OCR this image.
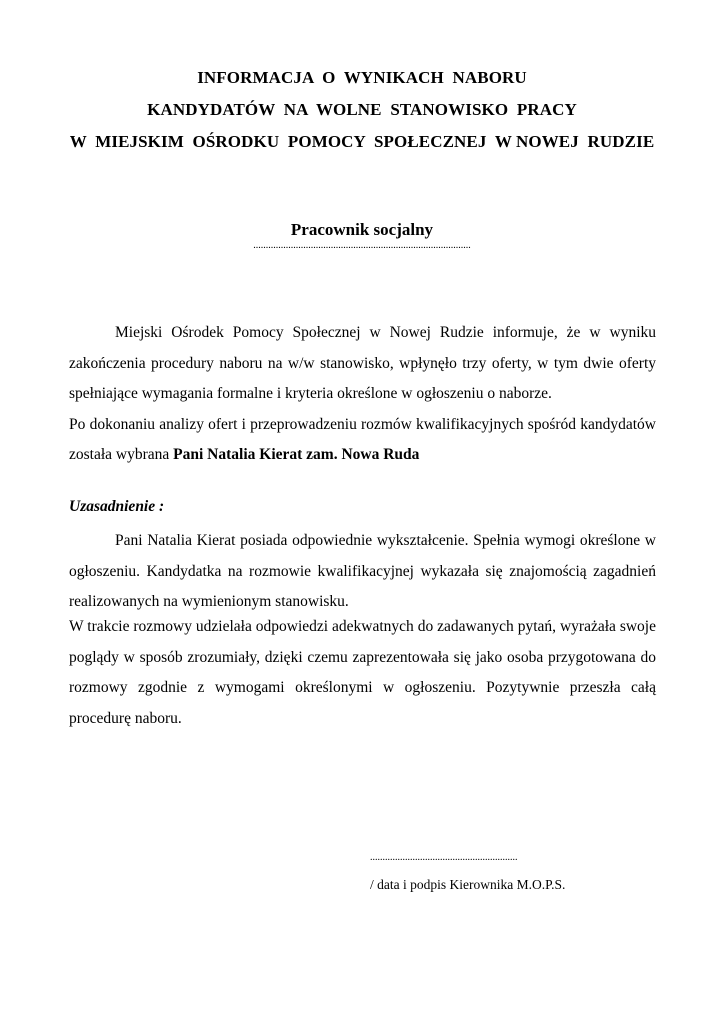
INFORMACJA  O  WYNIKACH  NABORU
KANDYDATÓW  NA  WOLNE  STANOWISKO  PRACY
W  MIEJSKIM  OŚRODKU  POMOCY  SPOŁECZNEJ  W NOWEJ  RUDZIE
Pracownik socjalny
.......................................................................................
Miejski Ośrodek Pomocy Społecznej w Nowej Rudzie informuje, że w wyniku zakończenia procedury naboru na w/w stanowisko, wpłynęło trzy oferty, w tym dwie oferty spełniające wymagania formalne i kryteria określone w ogłoszeniu o naborze.
Po dokonaniu analizy ofert i przeprowadzeniu rozmów kwalifikacyjnych spośród kandydatów została wybrana Pani Natalia Kierat zam. Nowa Ruda
Uzasadnienie :
Pani Natalia Kierat posiada odpowiednie wykształcenie. Spełnia wymogi określone w ogłoszeniu. Kandydatka na rozmowie kwalifikacyjnej wykazała się znajomością zagadnień realizowanych na wymienionym stanowisku.
W trakcie rozmowy udzielała odpowiedzi adekwatnych do zadawanych pytań, wyrażała swoje poglądy w sposób zrozumiały, dzięki czemu zaprezentowała się jako osoba przygotowana do rozmowy zgodnie z wymogami określonymi w ogłoszeniu. Pozytywnie przeszła całą procedurę naboru.
...........................................................
/ data i podpis Kierownika M.O.P.S.
